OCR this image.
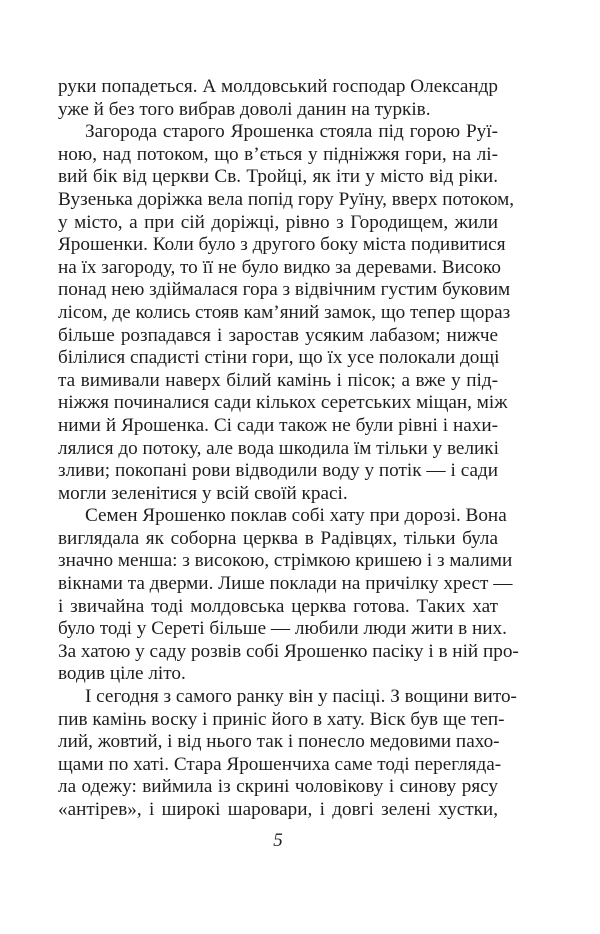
руки попадеться. А молдовський господар Олександр
уже й без того вибрав доволі данин на турків.
Загорода старого Ярошенка стояла під горою Руї-
ною, над потоком, що в’ється у підніжжя гори, на лі-
вий бік від церкви Св. Тройці, як іти у місто від ріки.
Вузенька доріжка вела попід гору Руїну, вверх потоком,
у місто, а при сій доріжці, рівно з Городищем, жили
Ярошенки. Коли було з другого боку міста подивитися
на їх загороду, то її не було видко за деревами. Високо
понад нею здіймалася гора з відвічним густим буковим
лісом, де колись стояв кам’яний замок, що тепер щораз
більше розпадався і заростав усяким лабазом; нижче
білілися спадисті стіни гори, що їх усе полокали дощі
та вимивали наверх білий камінь і пісок; а вже у під-
ніжжя починалися сади кількох серетських міщан, між
ними й Ярошенка. Сі сади також не були рівні і нахи-
лялися до потоку, але вода шкодила їм тільки у великі
зливи; покопані рови відводили воду у потік — і сади
могли зеленітися у всій своїй красі.
Семен Ярошенко поклав собі хату при дорозі. Вона
виглядала як соборна церква в Радівцях, тільки була
значно менша: з високою, стрімкою кришею і з малими
вікнами та дверми. Лише поклади на причілку хрест —
і звичайна тоді молдовська церква готова. Таких хат
було тоді у Сереті більше — любили люди жити в них.
За хатою у саду розвів собі Ярошенко пасіку і в ній про-
водив ціле літо.
І сегодня з самого ранку він у пасіці. З вощини вито-
пив камінь воску і приніс його в хату. Віск був ще теп-
лий, жовтий, і від нього так і понесло медовими пахо-
щами по хаті. Стара Ярошенчиха саме тоді перегляда-
ла одежу: виймила із скрині чоловікову і синову рясу
«антірев», і широкі шаровари, і довгі зелені хустки,
5
